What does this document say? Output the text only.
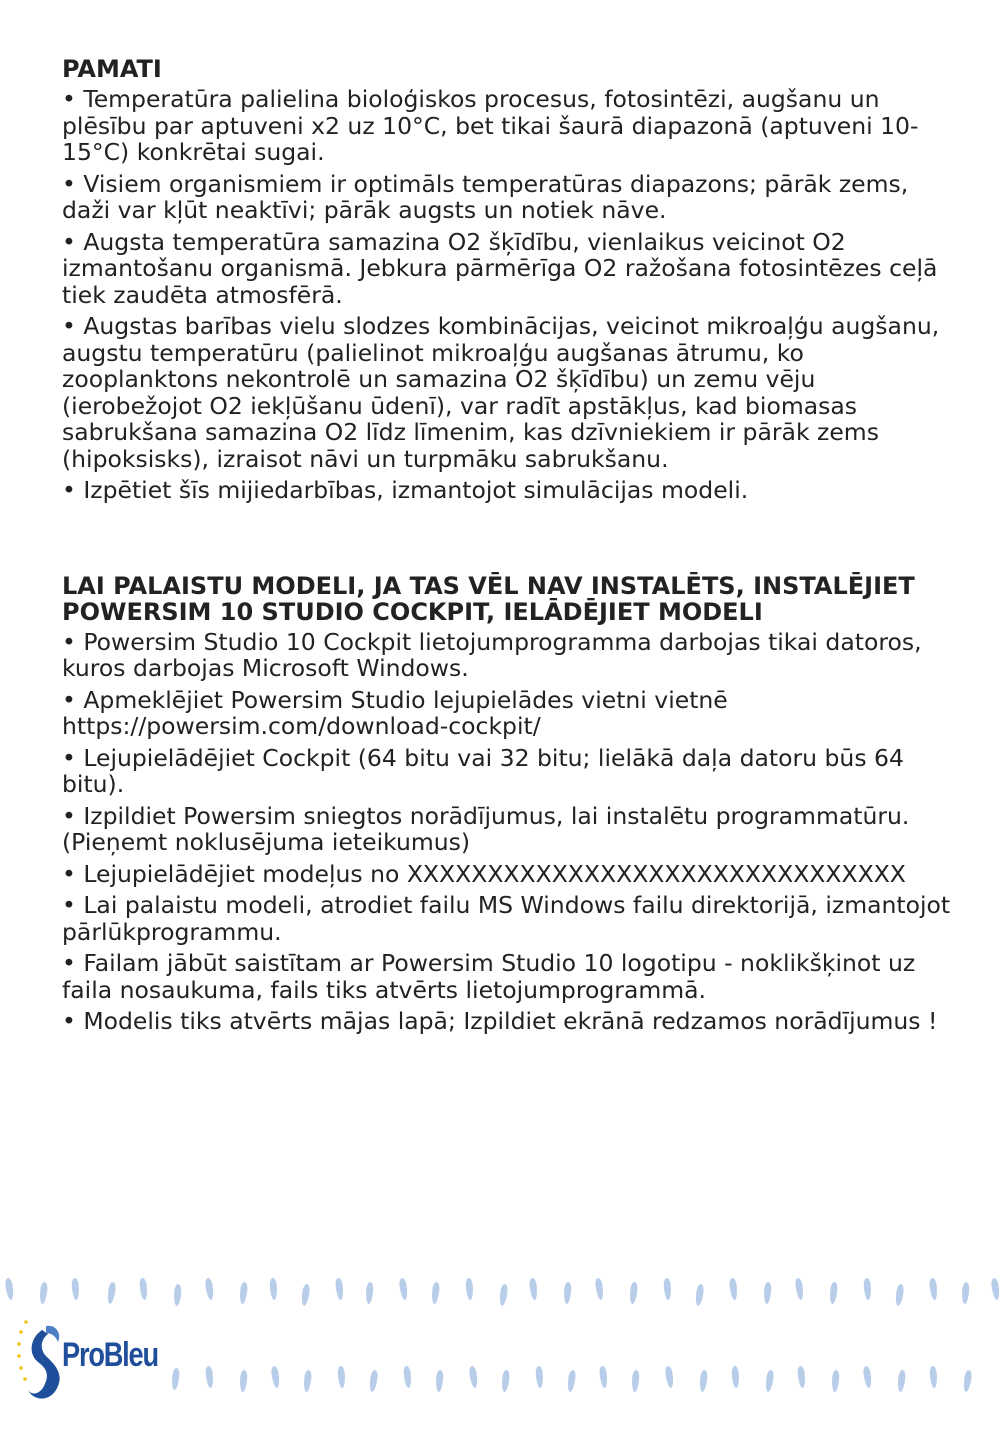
PAMATI

• Temperatūra palielina bioloģiskos procesus, fotosintēzi, augšanu un plēsību par aptuveni x2 uz 10°C, bet tikai šaurā diapazonā (aptuveni 10-15°C) konkrētai sugai.

• Visiem organismiem ir optimāls temperatūras diapazons; pārāk zems, daži var kļūt neaktīvi; pārāk augsts un notiek nāve.

• Augsta temperatūra samazina O2 šķīdību, vienlaikus veicinot O2 izmantošanu organismā. Jebkura pārmērīga O2 ražošana fotosintēzes ceļā tiek zaudēta atmosfērā.

• Augstas barības vielu slodzes kombinācijas, veicinot mikroaļģu augšanu, augstu temperatūru (palielinot mikroaļģu augšanas ātrumu, ko zooplanktons nekontrolē un samazina O2 šķīdību) un zemu vēju (ierobežojot O2 iekļūšanu ūdenī), var radīt apstākļus, kad biomasas sabrukšana samazina O2 līdz līmenim, kas dzīvniekiem ir pārāk zems (hipoksisks), izraisot nāvi un turpmāku sabrukšanu.

• Izpētiet šīs mijiedarbības, izmantojot simulācijas modeli.

LAI PALAISTU MODELI, JA TAS VĒL NAV INSTALĒTS, INSTALĒJIET POWERSIM 10 STUDIO COCKPIT, IELĀDĒJIET MODELI

• Powersim Studio 10 Cockpit lietojumprogramma darbojas tikai datoros, kuros darbojas Microsoft Windows.

• Apmeklējiet Powersim Studio lejupielādes vietni vietnē https://powersim.com/download-cockpit/

• Lejupielādējiet Cockpit (64 bitu vai 32 bitu; lielākā daļa datoru būs 64 bitu).

• Izpildiet Powersim sniegtos norādījumus, lai instalētu programmatūru. (Pieņemt noklusējuma ieteikumus)

• Lejupielādējiet modeļus no XXXXXXXXXXXXXXXXXXXXXXXXXXXXXXX

• Lai palaistu modeli, atrodiet failu MS Windows failu direktorijā, izmantojot pārlūkprogrammu.

• Failam jābūt saistītam ar Powersim Studio 10 logotipu - noklikšķinot uz faila nosaukuma, fails tiks atvērts lietojumprogrammā.

• Modelis tiks atvērts mājas lapā; Izpildiet ekrānā redzamos norādījumus !

ProBleu
